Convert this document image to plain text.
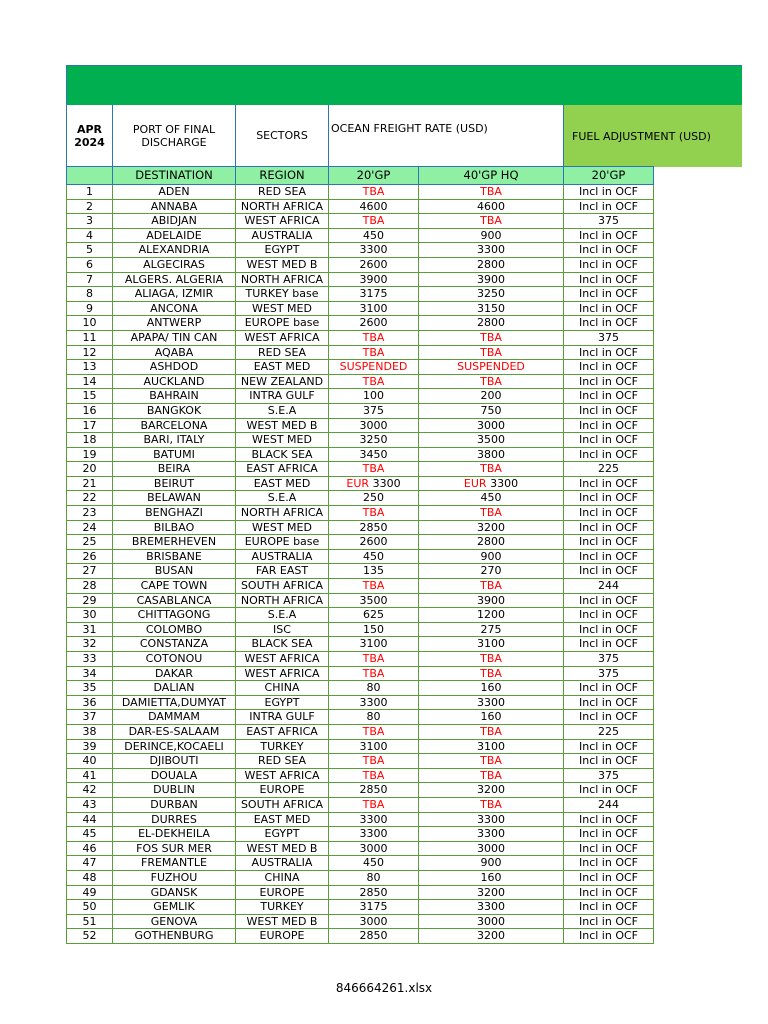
APR 2024
PORT OF FINAL DISCHARGE	SECTORS
OCEAN FREIGHT RATE (USD)
FUEL ADJUSTMENT (USD)
	DESTINATION	REGION	20'GP	40'GP HQ	20'GP
1	ADEN	RED SEA	TBA	TBA	Incl in OCF
2	ANNABA	NORTH AFRICA	4600	4600	Incl in OCF
3	ABIDJAN	WEST AFRICA	TBA	TBA	375
4	ADELAIDE	AUSTRALIA	450	900	Incl in OCF
5	ALEXANDRIA	EGYPT	3300	3300	Incl in OCF
6	ALGECIRAS	WEST MED B	2600	2800	Incl in OCF
7	ALGERS. ALGERIA	NORTH AFRICA	3900	3900	Incl in OCF
8	ALIAGA, IZMIR	TURKEY base	3175	3250	Incl in OCF
9	ANCONA	WEST MED	3100	3150	Incl in OCF
10	ANTWERP	EUROPE base	2600	2800	Incl in OCF
11	APAPA/ TIN CAN	WEST AFRICA	TBA	TBA	375
12	AQABA	RED SEA	TBA	TBA	Incl in OCF
13	ASHDOD	EAST MED	SUSPENDED	SUSPENDED	Incl in OCF
14	AUCKLAND	NEW ZEALAND	TBA	TBA	Incl in OCF
15	BAHRAIN	INTRA GULF	100	200	Incl in OCF
16	BANGKOK	S.E.A	375	750	Incl in OCF
17	BARCELONA	WEST MED B	3000	3000	Incl in OCF
18	BARI, ITALY	WEST MED	3250	3500	Incl in OCF
19	BATUMI	BLACK SEA	3450	3800	Incl in OCF
20	BEIRA	EAST AFRICA	TBA	TBA	225
21	BEIRUT	EAST MED	EUR 3300	EUR 3300	Incl in OCF
22	BELAWAN	S.E.A	250	450	Incl in OCF
23	BENGHAZI	NORTH AFRICA	TBA	TBA	Incl in OCF
24	BILBAO	WEST MED	2850	3200	Incl in OCF
25	BREMERHEVEN	EUROPE base	2600	2800	Incl in OCF
26	BRISBANE	AUSTRALIA	450	900	Incl in OCF
27	BUSAN	FAR EAST	135	270	Incl in OCF
28	CAPE TOWN	SOUTH AFRICA	TBA	TBA	244
29	CASABLANCA	NORTH AFRICA	3500	3900	Incl in OCF
30	CHITTAGONG	S.E.A	625	1200	Incl in OCF
31	COLOMBO	ISC	150	275	Incl in OCF
32	CONSTANZA	BLACK SEA	3100	3100	Incl in OCF
33	COTONOU	WEST AFRICA	TBA	TBA	375
34	DAKAR	WEST AFRICA	TBA	TBA	375
35	DALIAN	CHINA	80	160	Incl in OCF
36	DAMIETTA,DUMYAT	EGYPT	3300	3300	Incl in OCF
37	DAMMAM	INTRA GULF	80	160	Incl in OCF
38	DAR-ES-SALAAM	EAST AFRICA	TBA	TBA	225
39	DERINCE,KOCAELI	TURKEY	3100	3100	Incl in OCF
40	DJIBOUTI	RED SEA	TBA	TBA	Incl in OCF
41	DOUALA	WEST AFRICA	TBA	TBA	375
42	DUBLIN	EUROPE	2850	3200	Incl in OCF
43	DURBAN	SOUTH AFRICA	TBA	TBA	244
44	DURRES	EAST MED	3300	3300	Incl in OCF
45	EL-DEKHEILA	EGYPT	3300	3300	Incl in OCF
46	FOS SUR MER	WEST MED B	3000	3000	Incl in OCF
47	FREMANTLE	AUSTRALIA	450	900	Incl in OCF
48	FUZHOU	CHINA	80	160	Incl in OCF
49	GDANSK	EUROPE	2850	3200	Incl in OCF
50	GEMLIK	TURKEY	3175	3300	Incl in OCF
51	GENOVA	WEST MED B	3000	3000	Incl in OCF
52	GOTHENBURG	EUROPE	2850	3200	Incl in OCF
846664261.xlsx
